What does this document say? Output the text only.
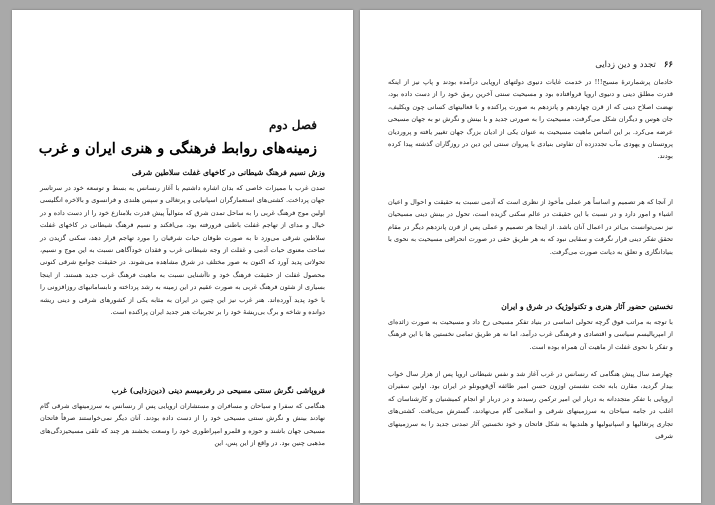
فصل دوم
زمینه‌های روابط فرهنگی و هنری ایران و غرب
وزش نسیم فرهنگ شیطانی در کاخهای غفلت سلاطین شرقی

تمدن غرب با ممیزات خاصی که بدان اشاره داشتیم با آغاز رنسانس به بسط و توسعه خود در سرتاسر جهان پرداخت. کشتی‌های استعمارگران اسپانیایی و پرتغالی و سپس هلندی و فرانسوی و بالاخره انگلیسی اولین موج فرهنگ غربی را به ساحل تمدن شرق که متوالیاً پیش قدرت بلامنازع خود را از دست داده و در خیال و مدای از تهاجم غفلت باطنی فرورفته بود، می‌افکند و نسیم فرهنگ شیطانی در کاخهای غفلت سلاطین شرقی می‌وزد تا به صورت طوفان حیات شرقیان را مورد تهاجم قرار دهد، سکنی گزیدن در ساحت معنوی حیات آدمی و غفلت از وجه شیطانی غرب و فقدان خودآگاهی نسبت به این موج و نسیم، تحولاتی پدید آورد که اکنون به صور مختلف در شرق مشاهده می‌شوند. در حقیقت جوامع شرقی کنونی محصول غفلت از حقیقت فرهنگ خود و ناآشنایی نسبت به ماهیت فرهنگ غرب جدید هستند. از اینجا بسیاری از شئون فرهنگ غربی به صورت عقیم در این زمینه به رشد پرداخته و نابسامانیهای روزافزونی را با خود پدید آورده‌اند. هنر غرب نیز این چنین در ایران به مثابه یکی از کشورهای شرقی و دینی ریشه دوانده و شاخه و برگ بی‌ریشهٔ خود را بر تجربیات هنر جدید ایران پراکنده است.

فروپاشی نگرش سنتی مسیحی در رفرمیسم دینی (دین‌زدایی) غرب

هنگامی که سفرا و سیاحان و مسافران و مستشاران اروپایی پس از رنسانس به سرزمینهای شرقی گام نهادند بینش و نگرش سنتی مسیحی خود را از دست داده بودند. آنان دیگر نمی‌خواستند صرفاً فاتحان مسیحی جهان باشند و حوزه و قلمرو امپراطوری خود را وسعت بخشند هر چند که تلقی مسیحیزدگی‌های مذهبی چنین بود. در واقع از این پس، این

۶۶
تجدد و دین زدایی

خادمان پرشمارترهٔ مسیح!!! در خدمت غایات دنیوی دولتهای اروپایی درآمده بودند و پاپ نیز از اینکه قدرت مطلق دینی و دنیوی اروپا فروافتاده بود و مسیحیت سنتی آخرین رمق خود را از دست داده بود، نهضت اصلاح دینی که از قرن چهاردهم و پانزدهم به صورت پراکنده و با فعالیتهای کسانی چون ویکلیف، جان هوس و دیگران شکل می‌گرفت، مسیحیت را به صورتی جدید و با بینش و نگرش نو به جهان مسیحی عرضه می‌کرد. بر این اساس ماهیت مسیحیت به عنوان یکی از ادیان بزرگ جهان تغییر یافته و پروردیان پروتستان و یهودی مآب تجددزده آن تفاوتی بنیادی با پیروان سنتی این دین در روزگاران گذشته پیدا کرده بودند.

از آنجا که هر تصمیم و اساساً هر عملی مأخوذ از نظری است که آدمی نسبت به حقیقت و احوال و اعیان اشیاء و امور دارد و در نسبت با این حقیقت در عالم سکنی گزیده است، تحول در بینش دینی مسیحیان نیز نمی‌توانست بی‌اثر در اعمال آنان باشد. از اینجا هر تصمیم و عملی پس از قرن پانزدهم دیگر در مقام تحقق تفکر دینی قرار نگرفت و سقایی نبود که به هر طریق حقی در صورت انحرافی مسیحیت به نحوی با بنیادانگاری و تعلق به دیانت صورت می‌گرفت.

نخستین حضور آثار هنری و تکنولوژیک در شرق و ایران

با توجه به مراتب فوق گرچه تحولی اساسی در بنیاد تفکر مسیحی رخ داد و مسیحیت به صورت زائده‌ای از امپریالیسم سیاسی و اقتصادی و فرهنگی غرب درآمد، اما نه هر طریق تمامی نخستین ها با این فرهنگ و تفکر با نحوی غفلت از ماهیت آن همراه بوده است.

چهارصد سال پیش هنگامی که رنسانس در غرب آغاز شد و نفس شیطانی اروپا پس از هزار سال خواب بیدار گردید، مقارن بابه تخت نشستن اوزون حسن امیر طائفه آق‌قویونلو در ایران بود. اولین سفیران اروپایی با تفکر متجددانه به دربار این امیر ترکمن رسیدند و در دربار او انجام کمیشنیان و کارشناسان که اغلب در جامه سیاحان به سرزمینهای شرقی و اسلامی گام می‌نهادند، گسترش می‌یافت. کشتی‌های تجاری پرتغالیها و اسپانیولیها و هلندیها به شکل فاتحان و خود نخستین آثار تمدنی جدید را به سرزمینهای شرقی
